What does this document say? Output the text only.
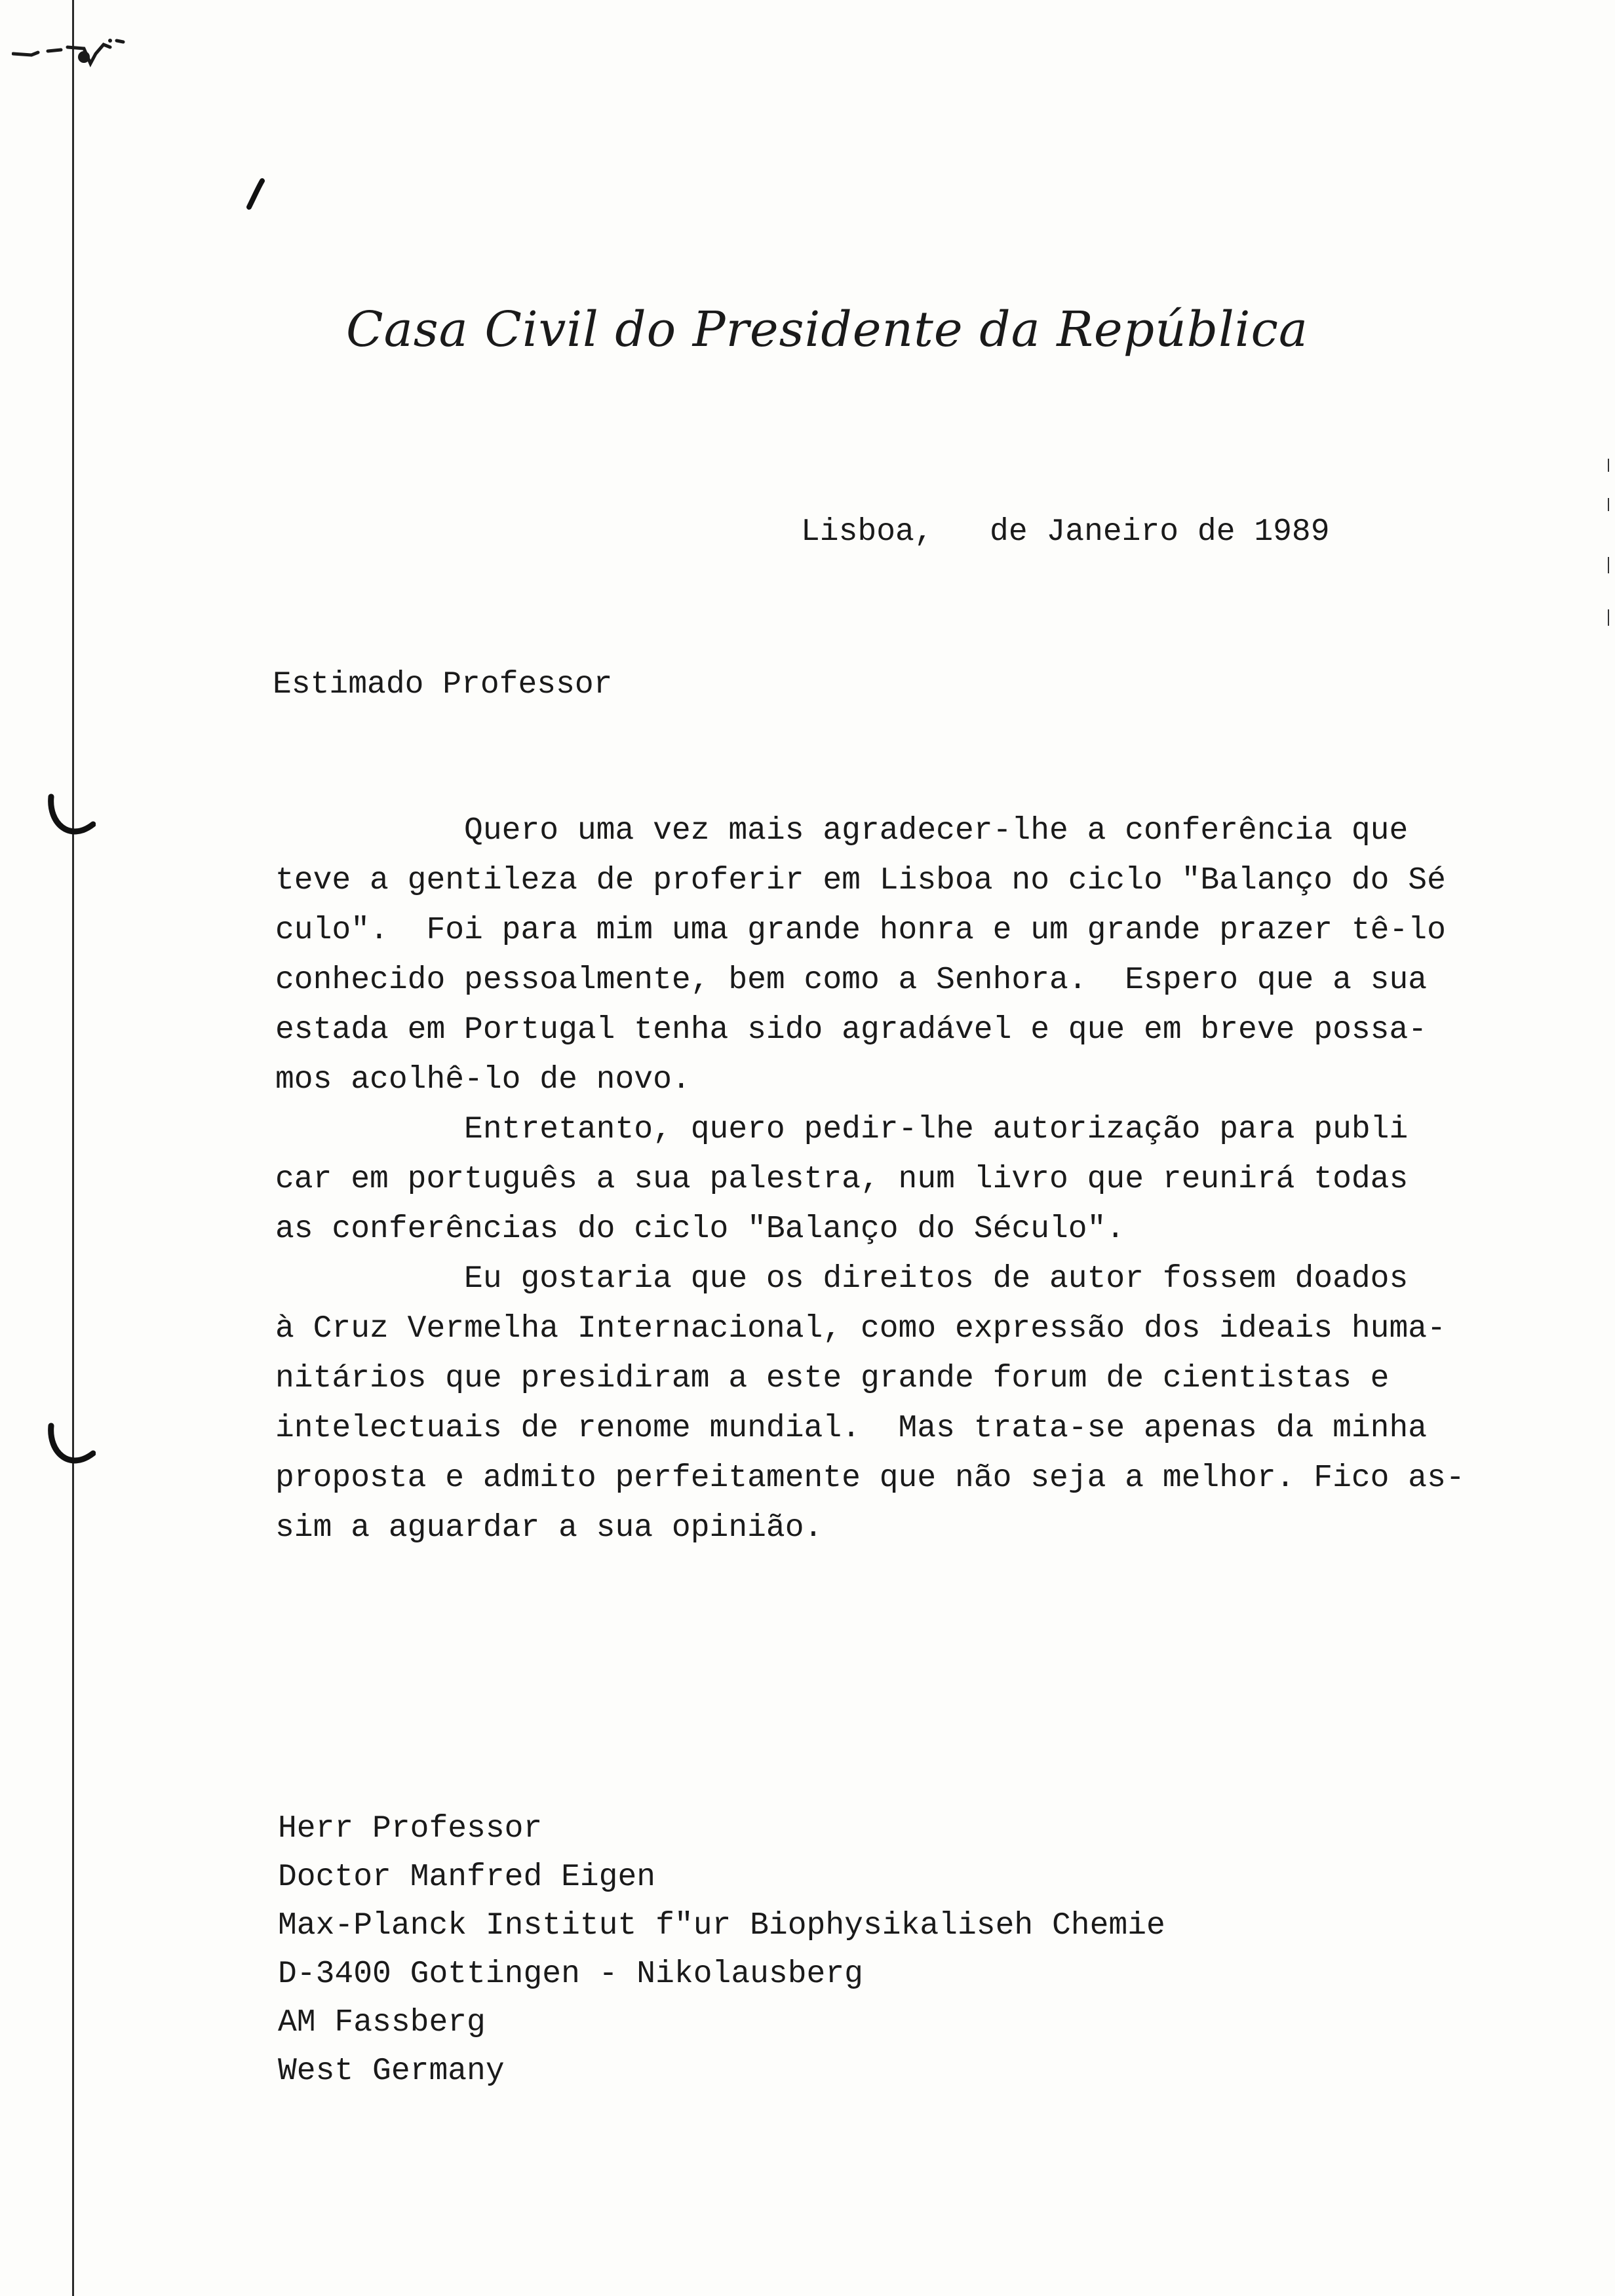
Casa Civil do Presidente da República
Lisboa,   de Janeiro de 1989
Estimado Professor
Quero uma vez mais agradecer-lhe a conferência que
teve a gentileza de proferir em Lisboa no ciclo "Balanço do Sé
culo".  Foi para mim uma grande honra e um grande prazer tê-lo
conhecido pessoalmente, bem como a Senhora.  Espero que a sua
estada em Portugal tenha sido agradável e que em breve possa-
mos acolhê-lo de novo.
Entretanto, quero pedir-lhe autorização para publi
car em português a sua palestra, num livro que reunirá todas
as conferências do ciclo "Balanço do Século".
Eu gostaria que os direitos de autor fossem doados
à Cruz Vermelha Internacional, como expressão dos ideais huma-
nitários que presidiram a este grande forum de cientistas e
intelectuais de renome mundial.  Mas trata-se apenas da minha
proposta e admito perfeitamente que não seja a melhor. Fico as-
sim a aguardar a sua opinião.
Herr Professor
Doctor Manfred Eigen
Max-Planck Institut f"ur Biophysikaliseh Chemie
D-3400 Gottingen - Nikolausberg
AM Fassberg
West Germany
